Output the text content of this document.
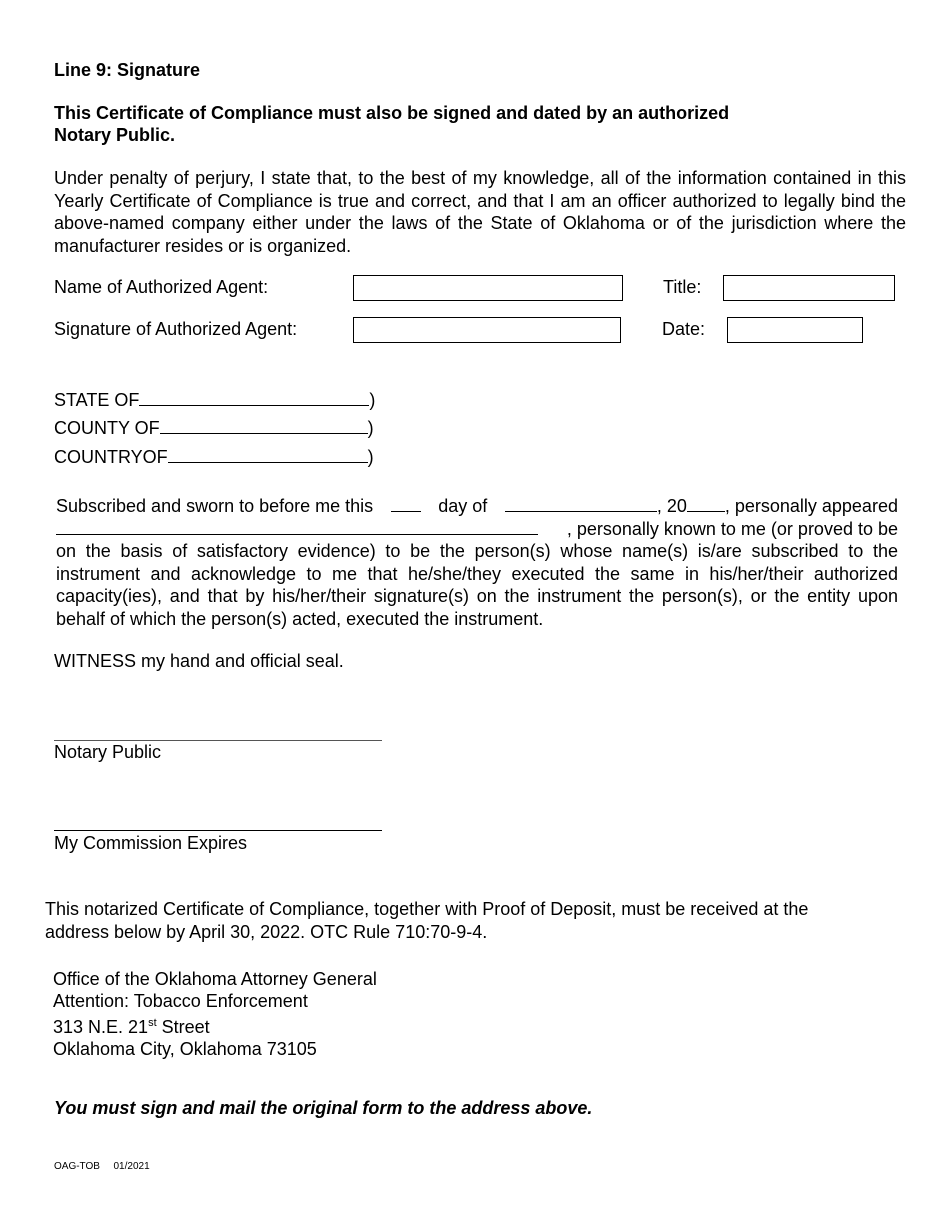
Line 9: Signature
This Certificate of Compliance must also be signed and dated by an authorized Notary Public.

Under penalty of perjury, I state that, to the best of my knowledge, all of the information contained in this Yearly Certificate of Compliance is true and correct, and that I am an officer authorized to legally bind the above-named company either under the laws of the State of Oklahoma or of the jurisdiction where the manufacturer resides or is organized.

Name of Authorized Agent:	Title:
Signature of Authorized Agent:	Date:
STATE OF	)
COUNTY OF	)
COUNTRYOF	)
Subscribed and sworn to before me this	day of	, 20 , personally appeared
, personally known to me (or proved to be

on the basis of satisfactory evidence) to be the person(s) whose name(s) is/are subscribed to the instrument and acknowledge to me that he/she/they executed the same in his/her/their authorized capacity(ies), and that by his/her/their signature(s) on the instrument the person(s), or the entity upon behalf of which the person(s) acted, executed the instrument.

WITNESS my hand and official seal.
Notary Public
My Commission Expires

This notarized Certificate of Compliance, together with Proof of Deposit, must be received at the address below by April 30, 2022. OTC Rule 710:70-9-4.

Office of the Oklahoma Attorney General
Attention: Tobacco Enforcement
313 N.E. 21st Street
Oklahoma City, Oklahoma 73105
You must sign and mail the original form to the address above.
OAG-TOB 01/2021
